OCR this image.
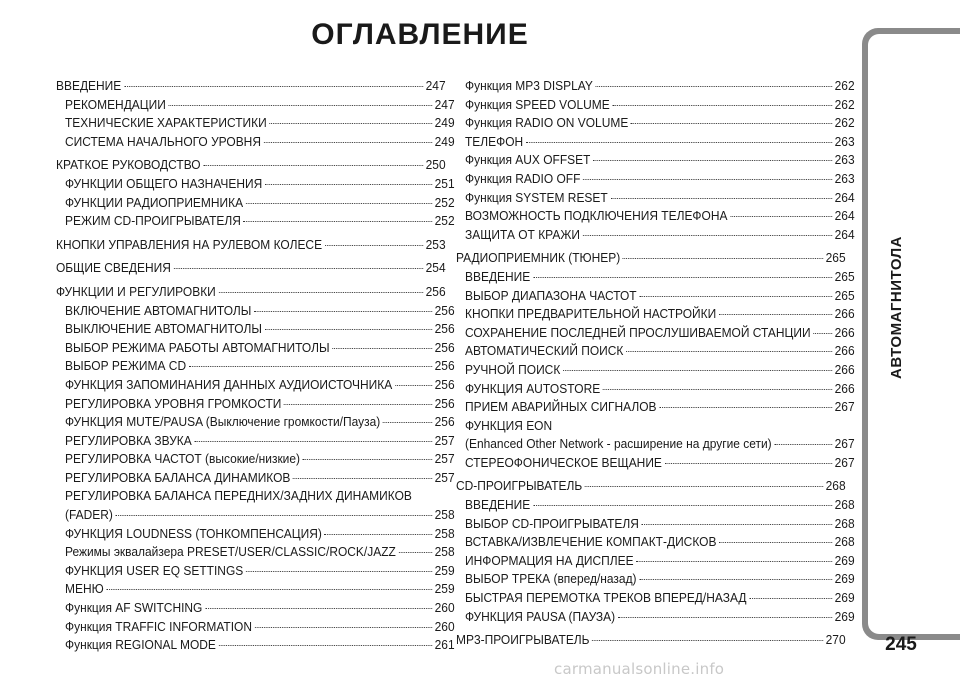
ОГЛАВЛЕНИЕ
ВВЕДЕНИЕ	247
РЕКОМЕНДАЦИИ	247
ТЕХНИЧЕСКИЕ ХАРАКТЕРИСТИКИ	249
СИСТЕМА НАЧАЛЬНОГО УРОВНЯ	249
КРАТКОЕ РУКОВОДСТВО	250
ФУНКЦИИ ОБЩЕГО НАЗНАЧЕНИЯ	251
ФУНКЦИИ РАДИОПРИЕМНИКА	252
РЕЖИМ CD-ПРОИГРЫВАТЕЛЯ	252
КНОПКИ УПРАВЛЕНИЯ НА РУЛЕВОМ КОЛЕСЕ	253
ОБЩИЕ СВЕДЕНИЯ	254
ФУНКЦИИ И РЕГУЛИРОВКИ	256
ВКЛЮЧЕНИЕ АВТОМАГНИТОЛЫ	256
ВЫКЛЮЧЕНИЕ АВТОМАГНИТОЛЫ	256
ВЫБОР РЕЖИМА РАБОТЫ АВТОМАГНИТОЛЫ	256
ВЫБОР РЕЖИМА CD	256
ФУНКЦИЯ ЗАПОМИНАНИЯ ДАННЫХ АУДИОИСТОЧНИКА	256
РЕГУЛИРОВКА УРОВНЯ ГРОМКОСТИ	256
ФУНКЦИЯ MUTE/PAUSA (Выключение громкости/Пауза)	256
РЕГУЛИРОВКА ЗВУКА	257
РЕГУЛИРОВКА ЧАСТОТ (высокие/низкие)	257
РЕГУЛИРОВКА БАЛАНСА ДИНАМИКОВ	257
РЕГУЛИРОВКА БАЛАНСА ПЕРЕДНИХ/ЗАДНИХ ДИНАМИКОВ
(FADER)	258
ФУНКЦИЯ LOUDNESS (ТОНКОМПЕНСАЦИЯ)	258
Режимы эквалайзера PRESET/USER/CLASSIC/ROCK/JAZZ	258
ФУНКЦИЯ USER EQ SETTINGS	259
МЕНЮ	259
Функция AF SWITCHING	260
Функция TRAFFIC INFORMATION	260
Функция REGIONAL MODE	261
Функция MP3 DISPLAY	262
Функция SPEED VOLUME	262
Функция RADIO ON VOLUME	262
ТЕЛЕФОН	263
Функция AUX OFFSET	263
Функция RADIO OFF	263
Функция SYSTEM RESET	264
ВОЗМОЖНОСТЬ ПОДКЛЮЧЕНИЯ ТЕЛЕФОНА	264
ЗАЩИТА ОТ КРАЖИ	264
РАДИОПРИЕМНИК (ТЮНЕР)	265
ВВЕДЕНИЕ	265
ВЫБОР ДИАПАЗОНА ЧАСТОТ	265
КНОПКИ ПРЕДВАРИТЕЛЬНОЙ НАСТРОЙКИ	266
СОХРАНЕНИЕ ПОСЛЕДНЕЙ ПРОСЛУШИВАЕМОЙ СТАНЦИИ 266
АВТОМАТИЧЕСКИЙ ПОИСК	266
РУЧНОЙ ПОИСК	266
ФУНКЦИЯ AUTOSTORE	266
ПРИЕМ АВАРИЙНЫХ СИГНАЛОВ	267
ФУНКЦИЯ EON
(Enhanced Other Network - расширение на другие сети)	267
СТЕРЕОФОНИЧЕСКОЕ ВЕЩАНИЕ	267
CD-ПРОИГРЫВАТЕЛЬ	268
ВВЕДЕНИЕ	268
ВЫБОР CD-ПРОИГРЫВАТЕЛЯ	268
ВСТАВКА/ИЗВЛЕЧЕНИЕ КОМПАКТ-ДИСКОВ	268
ИНФОРМАЦИЯ НА ДИСПЛЕЕ	269
ВЫБОР ТРЕКА (вперед/назад)	269
БЫСТРАЯ ПЕРЕМОТКА ТРЕКОВ ВПЕРЕД/НАЗАД	269
ФУНКЦИЯ PAUSA (ПАУЗА)	269
MP3-ПРОИГРЫВАТЕЛЬ	270
АВТОМАГНИТОЛА
245
carmanualsonline.info
